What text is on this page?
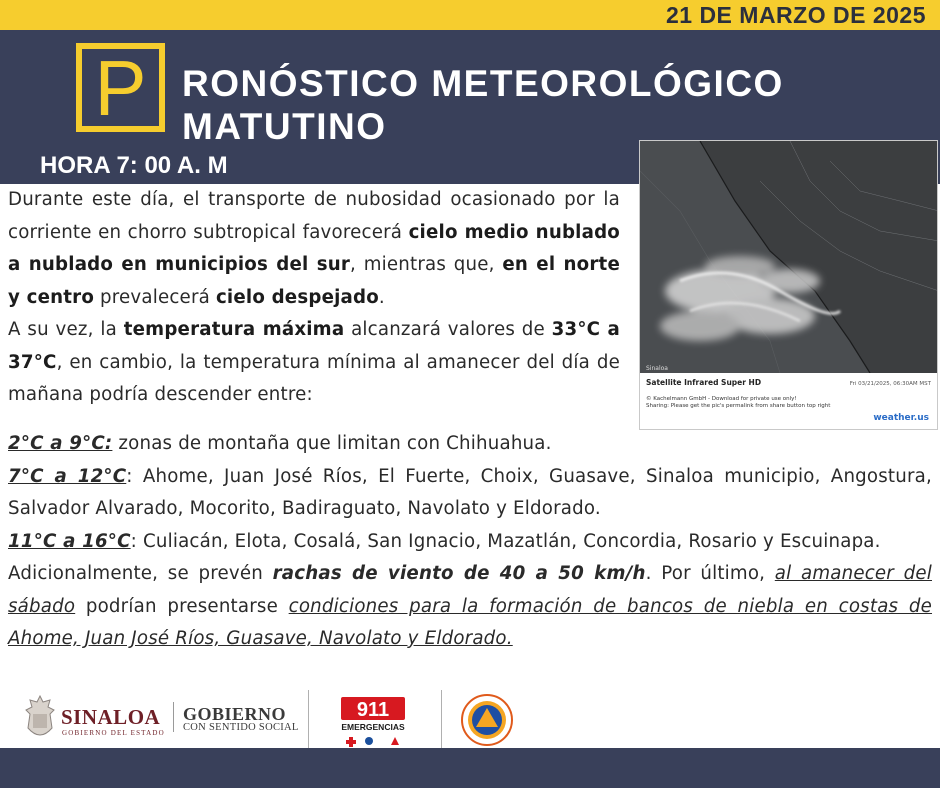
21 DE MARZO DE 2025
P RONÓSTICO METEOROLÓGICO
MATUTINO
HORA 7: 00 A. M
Sinaloa
Satellite Infrared Super HD	Fri 03/21/2025, 06:30AM MST
© Kachelmann GmbH - Download for private use only!
Sharing: Please get the pic's permalink from share button top right
weather.us

Durante este día, el transporte de nubosidad ocasionado por la corriente en chorro subtropical favorecerá cielo medio nublado a nublado en municipios del sur, mientras que, en el norte y centro prevalecerá cielo despejado.

A su vez, la temperatura máxima alcanzará valores de 33°C a 37°C, en cambio, la temperatura mínima al amanecer del día de mañana podría descender entre:

2°C a 9°C: zonas de montaña que limitan con Chihuahua.

7°C a 12°C: Ahome, Juan José Ríos, El Fuerte, Choix, Guasave, Sinaloa municipio, Angostura, Salvador Alvarado, Mocorito, Badiraguato, Navolato y Eldorado.

11°C a 16°C: Culiacán, Elota, Cosalá, San Ignacio, Mazatlán, Concordia, Rosario y Escuinapa.

Adicionalmente, se prevén rachas de viento de 40 a 50 km/h. Por último, al amanecer del sábado podrían presentarse condiciones para la formación de bancos de niebla en costas de Ahome, Juan José Ríos, Guasave, Navolato y Eldorado.

SINALOA
GOBIERNO DEL ESTADO
GOBIERNO
CON SENTIDO SOCIAL
911
EMERGENCIAS
